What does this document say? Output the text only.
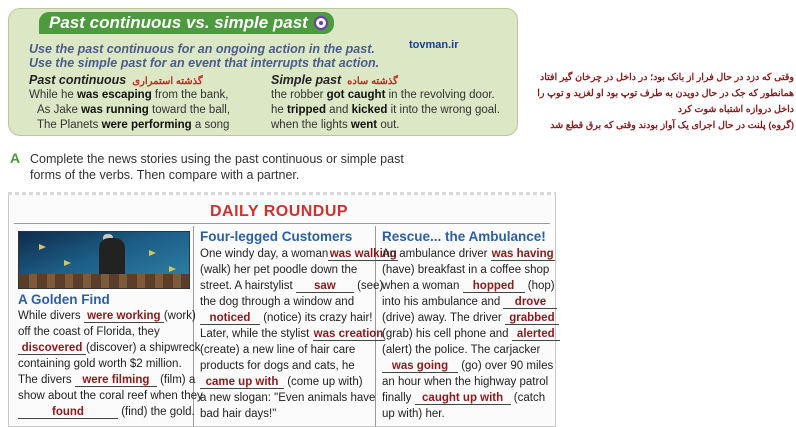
Past continuous vs. simple past
Use the past continuous for an ongoing action in the past.
Use the simple past for an event that interrupts that action.
tovman.ir
Past continuous گذشته استمراری	Simple past گذشته ساده
While he was escaping from the bank,
As Jake was running toward the ball,
The Planets were performing a song
the robber got caught in the revolving door.
he tripped and kicked it into the wrong goal.
when the lights went out.
وقتی که دزد در حال فرار از بانک بود؛ در داخل در چرخان گیر افتاد
همانطور که جک در حال دویدن به طرف توپ بود او لغزید و توپ را
داخل دروازه اشتباه شوت کرد
(گروه) پلنت در حال اجرای یک آواز بودند وقتی که برق قطع شد
A Complete the news stories using the past continuous or simple past
forms of the verbs. Then compare with a partner.
DAILY ROUNDUP
A Golden Find
While divers were working (work)
off the coast of Florida, they
discovered (discover) a shipwreck
containing gold worth $2 million.
The divers were filming (film) a
show about the coral reef when they
found	(find) the gold.
Four-legged Customers
One windy day, a womanwas walking
(walk) her pet poodle down the
street. A hairstylist saw (see)
the dog through a window and
noticed (notice) its crazy hair!
Later, while the stylist was creation
(create) a new line of hair care
products for dogs and cats, he
came up with (come up with)
a new slogan: "Even animals have
bad hair days!"
Rescue... the Ambulance!
An ambulance driver was having
(have) breakfast in a coffee shop
when a woman hopped (hop)
into his ambulance and drove
(drive) away. The driver grabbed
(grab) his cell phone and alerted
(alert) the police. The carjacker
was going (go) over 90 miles
an hour when the highway patrol
finally caught up with (catch
up with) her.
